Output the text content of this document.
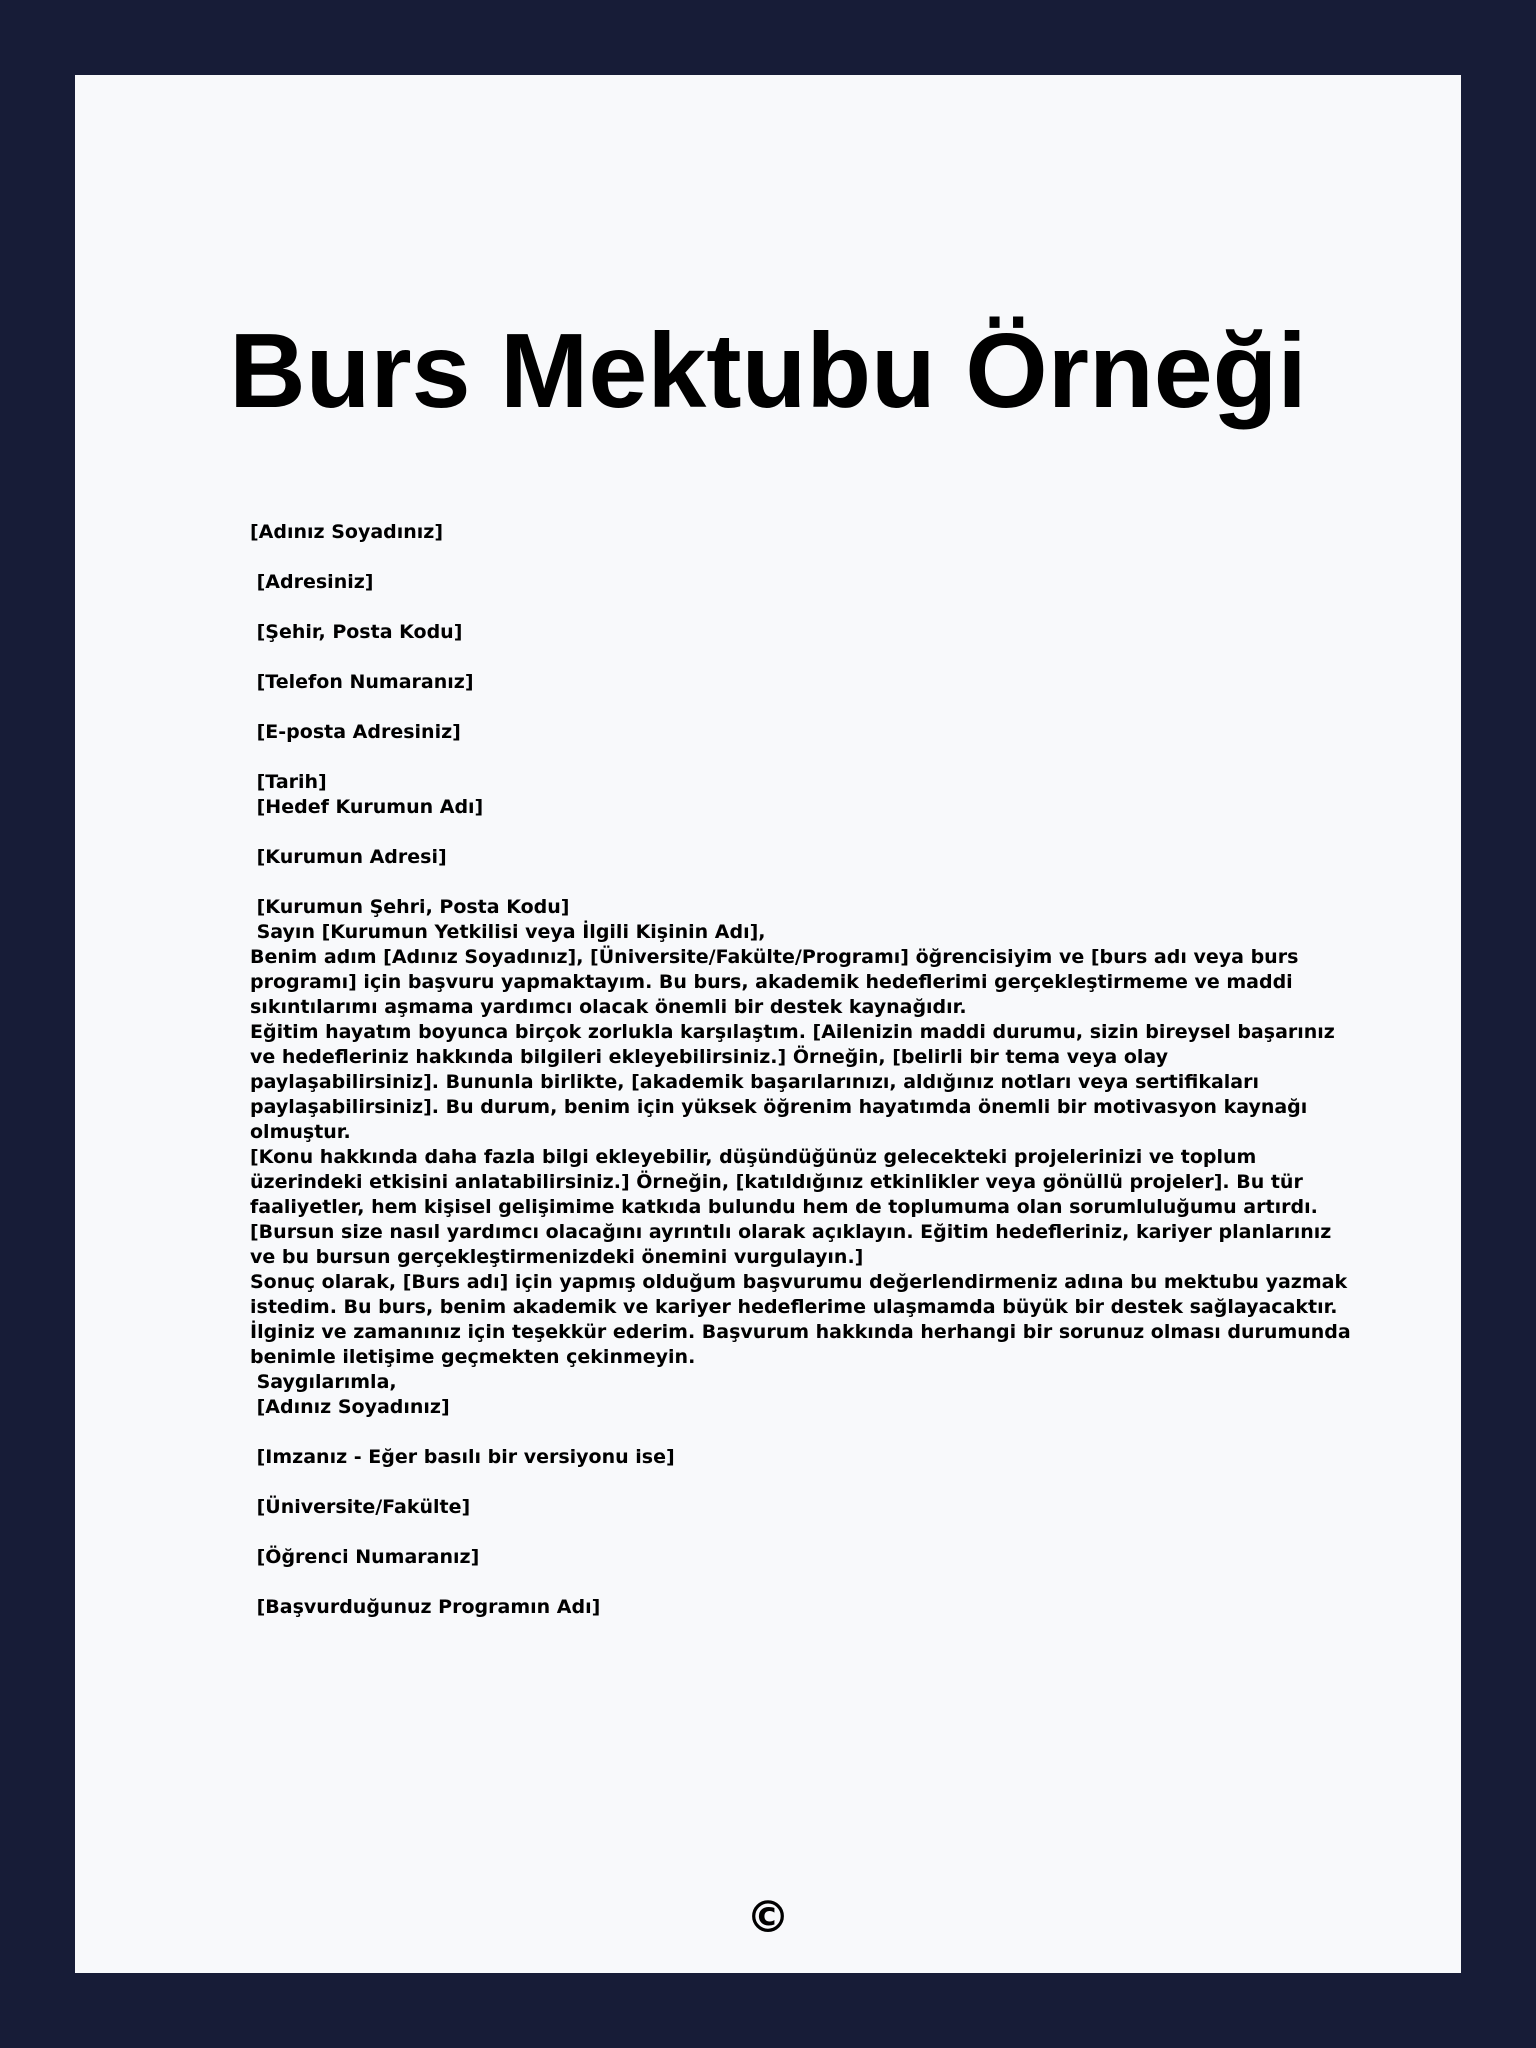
Burs Mektubu Örneği
[Adınız Soyadınız]
[Adresiniz]
[Şehir, Posta Kodu]
[Telefon Numaranız]
[E-posta Adresiniz]
[Tarih]
[Hedef Kurumun Adı]
[Kurumun Adresi]
[Kurumun Şehri, Posta Kodu]
Sayın [Kurumun Yetkilisi veya İlgili Kişinin Adı],

Benim adım [Adınız Soyadınız], [Üniversite/Fakülte/Programı] öğrencisiyim ve [burs adı veya burs programı] için başvuru yapmaktayım. Bu burs, akademik hedeflerimi gerçekleştirmeme ve maddi sıkıntılarımı aşmama yardımcı olacak önemli bir destek kaynağıdır.

Eğitim hayatım boyunca birçok zorlukla karşılaştım. [Ailenizin maddi durumu, sizin bireysel başarınız ve hedefleriniz hakkında bilgileri ekleyebilirsiniz.] Örneğin, [belirli bir tema veya olay paylaşabilirsiniz]. Bununla birlikte, [akademik başarılarınızı, aldığınız notları veya sertifikaları paylaşabilirsiniz]. Bu durum, benim için yüksek öğrenim hayatımda önemli bir motivasyon kaynağı olmuştur.

[Konu hakkında daha fazla bilgi ekleyebilir, düşündüğünüz gelecekteki projelerinizi ve toplum üzerindeki etkisini anlatabilirsiniz.] Örneğin, [katıldığınız etkinlikler veya gönüllü projeler]. Bu tür faaliyetler, hem kişisel gelişimime katkıda bulundu hem de toplumuma olan sorumluluğumu artırdı.

[Bursun size nasıl yardımcı olacağını ayrıntılı olarak açıklayın. Eğitim hedefleriniz, kariyer planlarınız ve bu bursun gerçekleştirmenizdeki önemini vurgulayın.]

Sonuç olarak, [Burs adı] için yapmış olduğum başvurumu değerlendirmeniz adına bu mektubu yazmak istedim. Bu burs, benim akademik ve kariyer hedeflerime ulaşmamda büyük bir destek sağlayacaktır.

İlginiz ve zamanınız için teşekkür ederim. Başvurum hakkında herhangi bir sorunuz olması durumunda benimle iletişime geçmekten çekinmeyin.

Saygılarımla,
[Adınız Soyadınız]
[Imzanız - Eğer basılı bir versiyonu ise]
[Üniversite/Fakülte]
[Öğrenci Numaranız]
[Başvurduğunuz Programın Adı]
©
